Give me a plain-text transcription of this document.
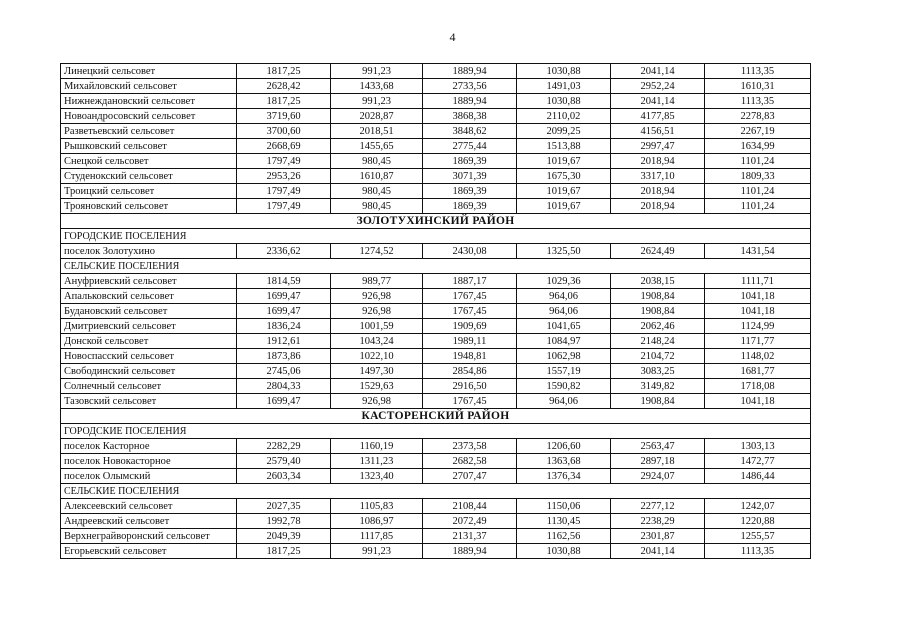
4
Линецкий сельсовет	1817,25	991,23	1889,94	1030,88	2041,14	1113,35
Михайловский сельсовет	2628,42	1433,68	2733,56	1491,03	2952,24	1610,31
Нижнеждановский сельсовет	1817,25	991,23	1889,94	1030,88	2041,14	1113,35
Новоандросовский сельсовет	3719,60	2028,87	3868,38	2110,02	4177,85	2278,83
Разветьевский сельсовет	3700,60	2018,51	3848,62	2099,25	4156,51	2267,19
Рышковский сельсовет	2668,69	1455,65	2775,44	1513,88	2997,47	1634,99
Снецкой сельсовет	1797,49	980,45	1869,39	1019,67	2018,94	1101,24
Студенокский сельсовет	2953,26	1610,87	3071,39	1675,30	3317,10	1809,33
Троицкий сельсовет	1797,49	980,45	1869,39	1019,67	2018,94	1101,24
Трояновский сельсовет	1797,49	980,45	1869,39	1019,67	2018,94	1101,24
ЗОЛОТУХИНСКИЙ РАЙОН						
ГОРОДСКИЕ ПОСЕЛЕНИЯ						
поселок Золотухино	2336,62	1274,52	2430,08	1325,50	2624,49	1431,54
СЕЛЬСКИЕ ПОСЕЛЕНИЯ						
Ануфриевский сельсовет	1814,59	989,77	1887,17	1029,36	2038,15	1111,71
Апальковский сельсовет	1699,47	926,98	1767,45	964,06	1908,84	1041,18
Будановский сельсовет	1699,47	926,98	1767,45	964,06	1908,84	1041,18
Дмитриевский сельсовет	1836,24	1001,59	1909,69	1041,65	2062,46	1124,99
Донской сельсовет	1912,61	1043,24	1989,11	1084,97	2148,24	1171,77
Новоспасский сельсовет	1873,86	1022,10	1948,81	1062,98	2104,72	1148,02
Свободинский сельсовет	2745,06	1497,30	2854,86	1557,19	3083,25	1681,77
Солнечный сельсовет	2804,33	1529,63	2916,50	1590,82	3149,82	1718,08
Тазовский сельсовет	1699,47	926,98	1767,45	964,06	1908,84	1041,18
КАСТОРЕНСКИЙ РАЙОН						
ГОРОДСКИЕ ПОСЕЛЕНИЯ						
поселок Касторное	2282,29	1160,19	2373,58	1206,60	2563,47	1303,13
поселок Новокасторное	2579,40	1311,23	2682,58	1363,68	2897,18	1472,77
поселок Олымский	2603,34	1323,40	2707,47	1376,34	2924,07	1486,44
СЕЛЬСКИЕ ПОСЕЛЕНИЯ						
Алексеевский сельсовет	2027,35	1105,83	2108,44	1150,06	2277,12	1242,07
Андреевский сельсовет	1992,78	1086,97	2072,49	1130,45	2238,29	1220,88
Верхнеграйворонский сельсовет	2049,39	1117,85	2131,37	1162,56	2301,87	1255,57
Егорьевский сельсовет	1817,25	991,23	1889,94	1030,88	2041,14	1113,35
